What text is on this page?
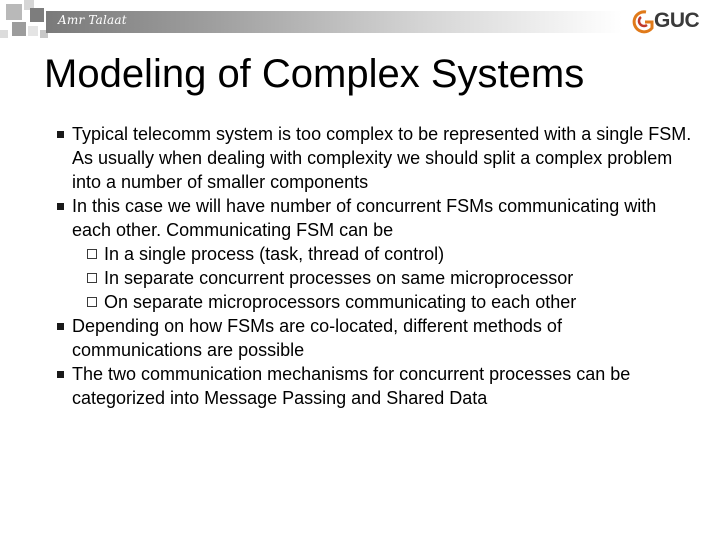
Amr Talaat	GUC
Modeling of Complex Systems
Typical telecomm system is too complex to be represented with a single FSM. As usually when dealing with complexity we should split a complex problem into a number of smaller components
In this case we will have number of concurrent FSMs communicating with each other. Communicating FSM can be
In a single process (task, thread of control)
In separate concurrent processes on same microprocessor
On separate microprocessors communicating to each other
Depending on how FSMs are co-located, different methods of communications are possible
The two communication mechanisms for concurrent processes can be categorized into Message Passing and Shared Data
